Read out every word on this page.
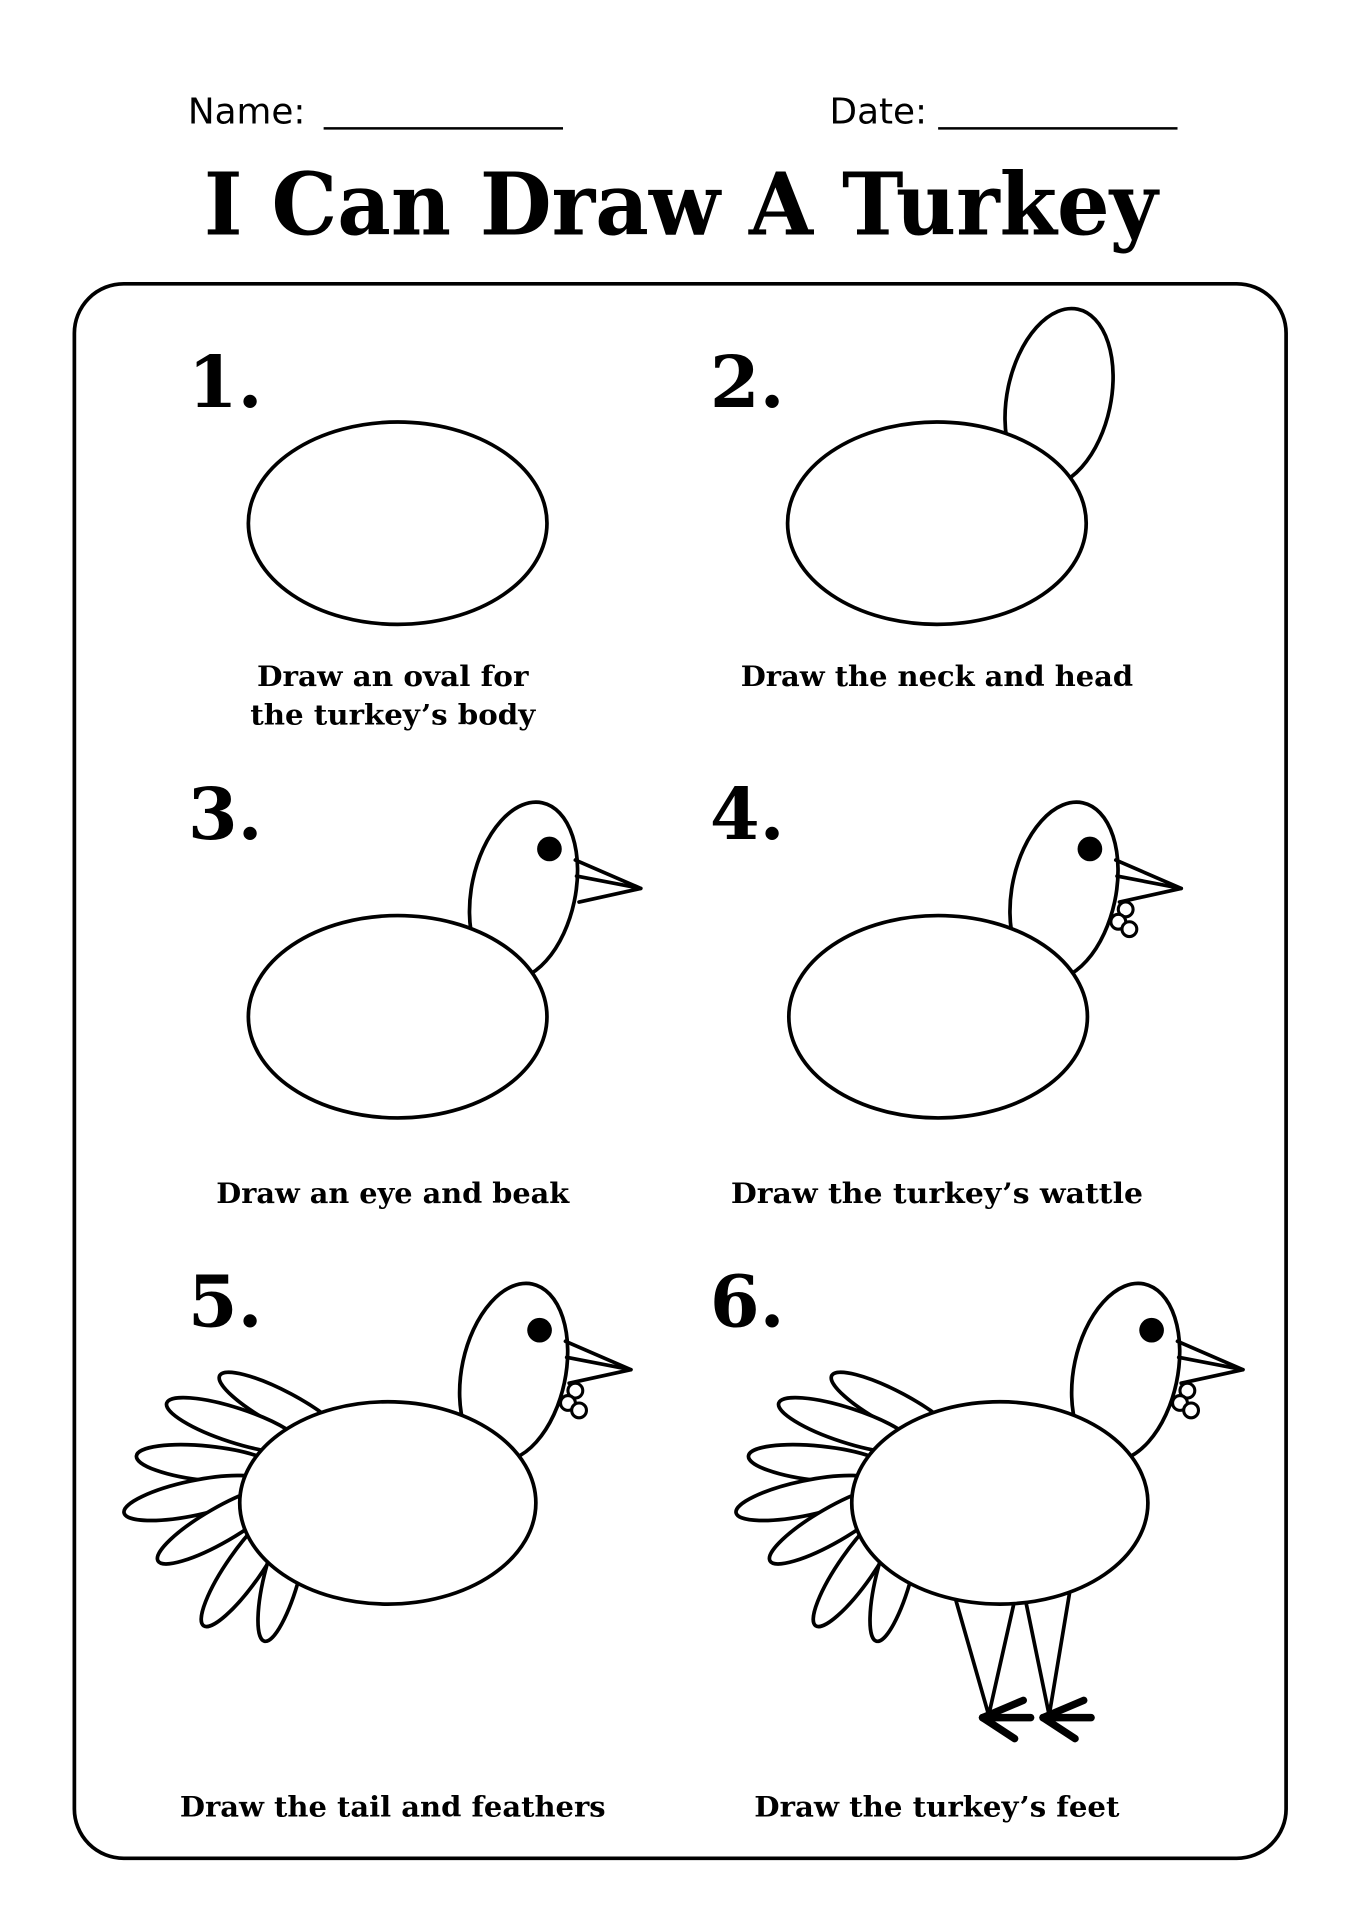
Name:	Date:
I Can Draw A Turkey
1.
Draw an oval for
the turkey’s body
2.
Draw the neck and head
3.
Draw an eye and beak
4.
Draw the turkey’s wattle
5.
Draw the tail and feathers
6.
Draw the turkey’s feet
